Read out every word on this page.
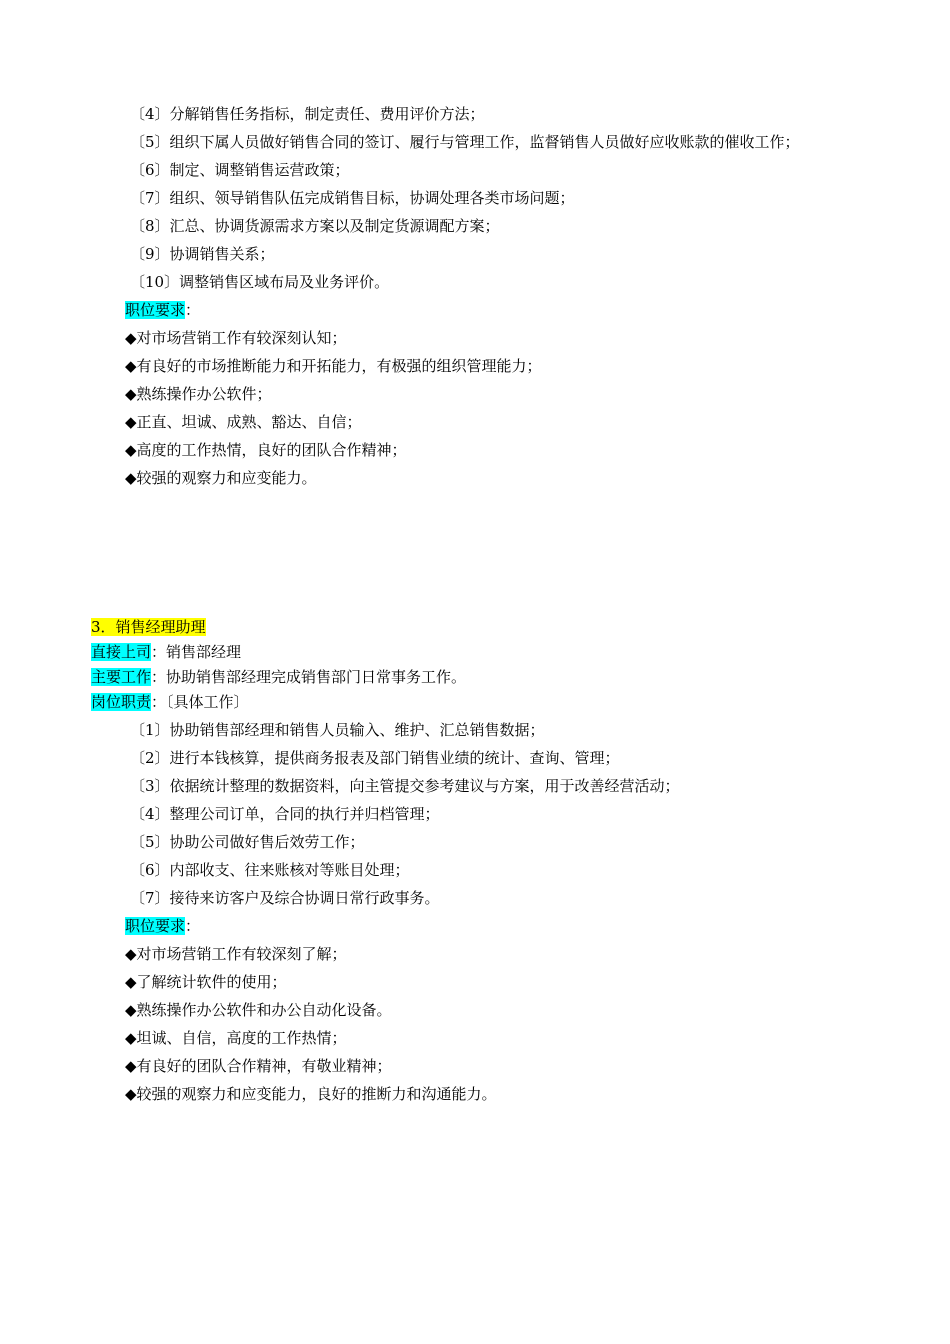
〔4〕分解销售任务指标，制定责任、费用评价方法；
〔5〕组织下属人员做好销售合同的签订、履行与管理工作，监督销售人员做好应收账款的催收工作；
〔6〕制定、调整销售运营政策；
〔7〕组织、领导销售队伍完成销售目标，协调处理各类市场问题；
〔8〕汇总、协调货源需求方案以及制定货源调配方案；
〔9〕协调销售关系；
〔10〕调整销售区域布局及业务评价。
职位要求：
◆对市场营销工作有较深刻认知；
◆有良好的市场推断能力和开拓能力，有极强的组织管理能力；
◆熟练操作办公软件；
◆正直、坦诚、成熟、豁达、自信；
◆高度的工作热情，良好的团队合作精神；
◆较强的观察力和应变能力。
3．销售经理助理
直接上司：销售部经理
主要工作：协助销售部经理完成销售部门日常事务工作。
岗位职责：〔具体工作〕
〔1〕协助销售部经理和销售人员输入、维护、汇总销售数据；
〔2〕进行本钱核算，提供商务报表及部门销售业绩的统计、查询、管理；
〔3〕依据统计整理的数据资料，向主管提交参考建议与方案，用于改善经营活动；
〔4〕整理公司订单，合同的执行并归档管理；
〔5〕协助公司做好售后效劳工作；
〔6〕内部收支、往来账核对等账目处理；
〔7〕接待来访客户及综合协调日常行政事务。
职位要求：
◆对市场营销工作有较深刻了解；
◆了解统计软件的使用；
◆熟练操作办公软件和办公自动化设备。
◆坦诚、自信，高度的工作热情；
◆有良好的团队合作精神，有敬业精神；
◆较强的观察力和应变能力，良好的推断力和沟通能力。
